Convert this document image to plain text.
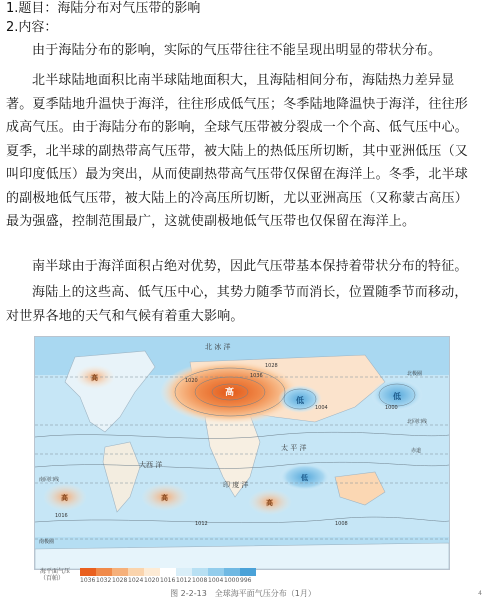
1.题目：海陆分布对气压带的影响
2.内容：
由于海陆分布的影响，实际的气压带往往不能呈现出明显的带状分布。
北半球陆地面积比南半球陆地面积大，且海陆相间分布，海陆热力差异显著。夏季陆地升温快于海洋，往往形成低气压；冬季陆地降温快于海洋，往往形成高气压。由于海陆分布的影响，全球气压带被分裂成一个个高、低气压中心。夏季，北半球的副热带高气压带，被大陆上的热低压所切断，其中亚洲低压（又叫印度低压）最为突出，从而使副热带高气压带仅保留在海洋上。冬季，北半球的副极地低气压带，被大陆上的冷高压所切断，尤以亚洲高压（又称蒙古高压）最为强盛，控制范围最广，这就使副极地低气压带也仅保留在海洋上。
南半球由于海洋面积占绝对优势，因此气压带基本保持着带状分布的特征。
海陆上的这些高、低气压中心，其势力随季节而消长，位置随季节而移动，对世界各地的天气和气候有着重大影响。
北 冰 洋
北极圈
北回归线
赤道
南回归线
南极圈
太 平 洋
大西 洋
印 度 洋
高
低	低
低
高	高
高
高	1036
1028
1020
1004	1000
1016
1012	1008
海平面气压（百帕）	1036 1032 1028 1024 1020 1016 1012 1008 1004 1000 996
图 2-2-13　全球海平面气压分布（1月）	4
